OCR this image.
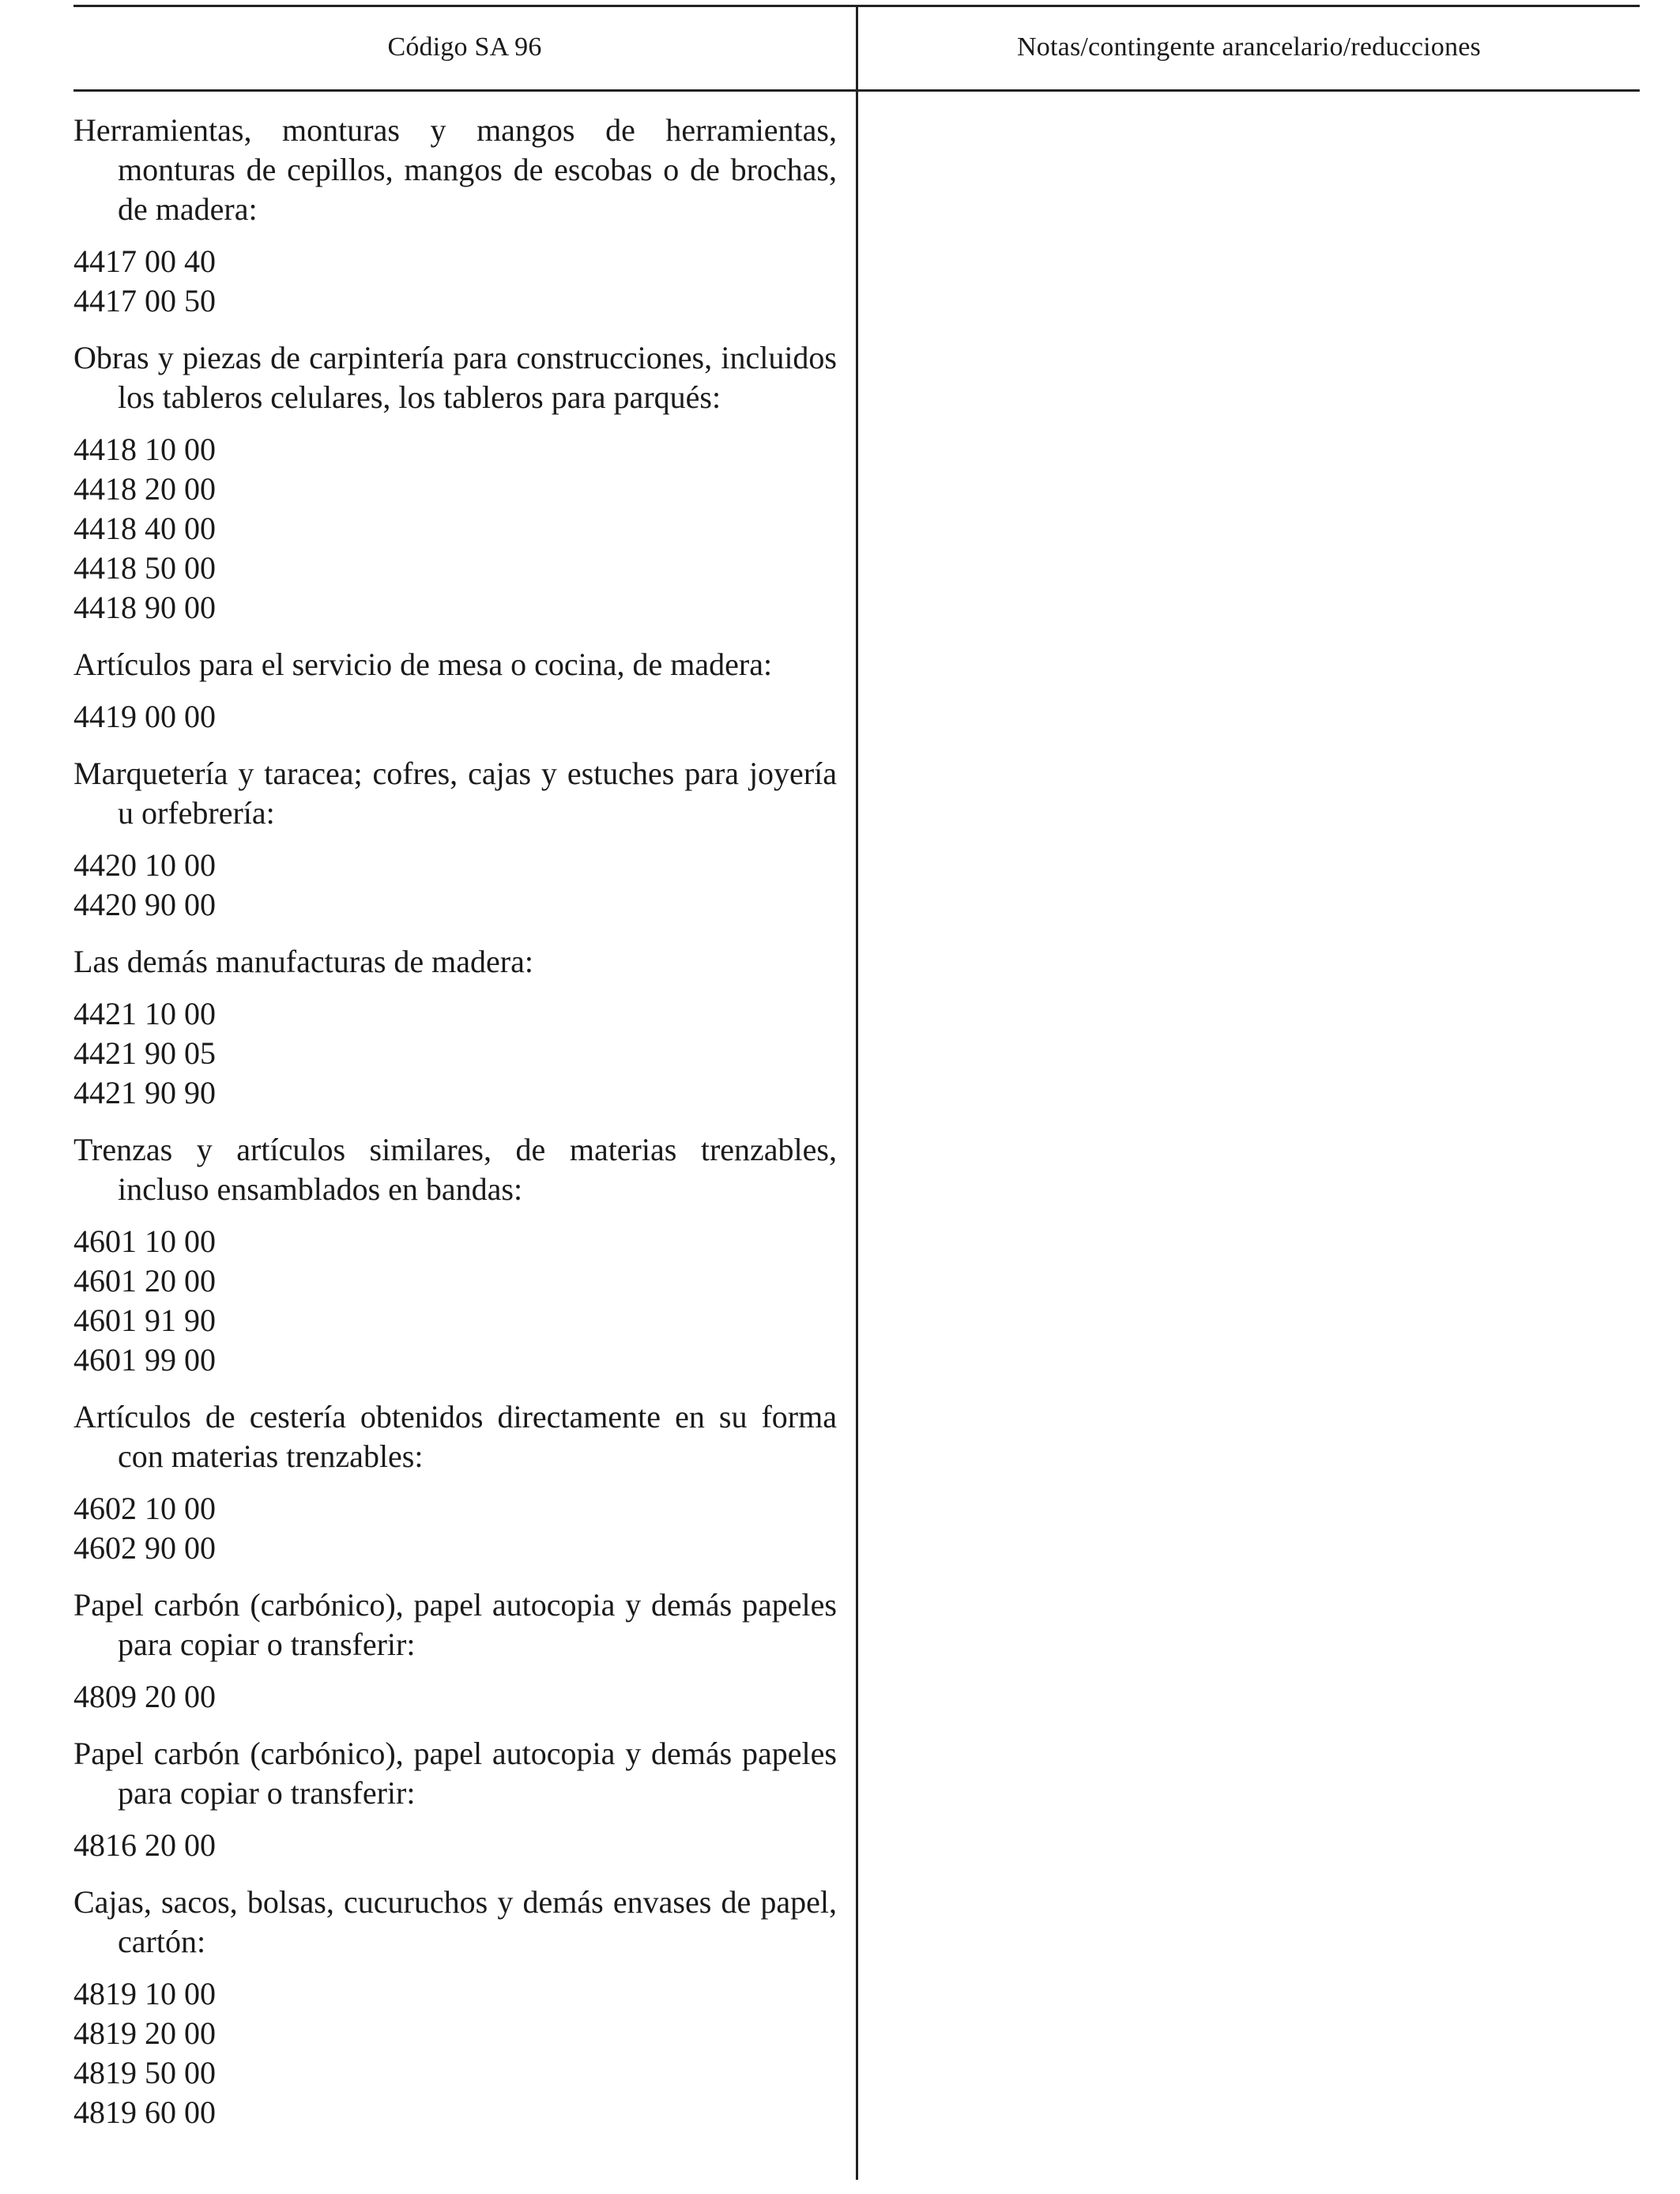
Código SA 96	Notas/contingente arancelario/reducciones
Herramientas, monturas y mangos de herramientas, monturas de cepillos, mangos de escobas o de brochas, de madera:
4417 00 40
4417 00 50
Obras y piezas de carpintería para construcciones, incluidos los tableros celulares, los tableros para parqués:
4418 10 00
4418 20 00
4418 40 00
4418 50 00
4418 90 00
Artículos para el servicio de mesa o cocina, de madera:
4419 00 00
Marquetería y taracea; cofres, cajas y estuches para joyería u orfebrería:
4420 10 00
4420 90 00
Las demás manufacturas de madera:
4421 10 00
4421 90 05
4421 90 90
Trenzas y artículos similares, de materias trenzables, incluso ensamblados en bandas:
4601 10 00
4601 20 00
4601 91 90
4601 99 00
Artículos de cestería obtenidos directamente en su forma con materias trenzables:
4602 10 00
4602 90 00
Papel carbón (carbónico), papel autocopia y demás papeles para copiar o transferir:
4809 20 00
Papel carbón (carbónico), papel autocopia y demás papeles para copiar o transferir:
4816 20 00
Cajas, sacos, bolsas, cucuruchos y demás envases de papel, cartón:
4819 10 00
4819 20 00
4819 50 00
4819 60 00
